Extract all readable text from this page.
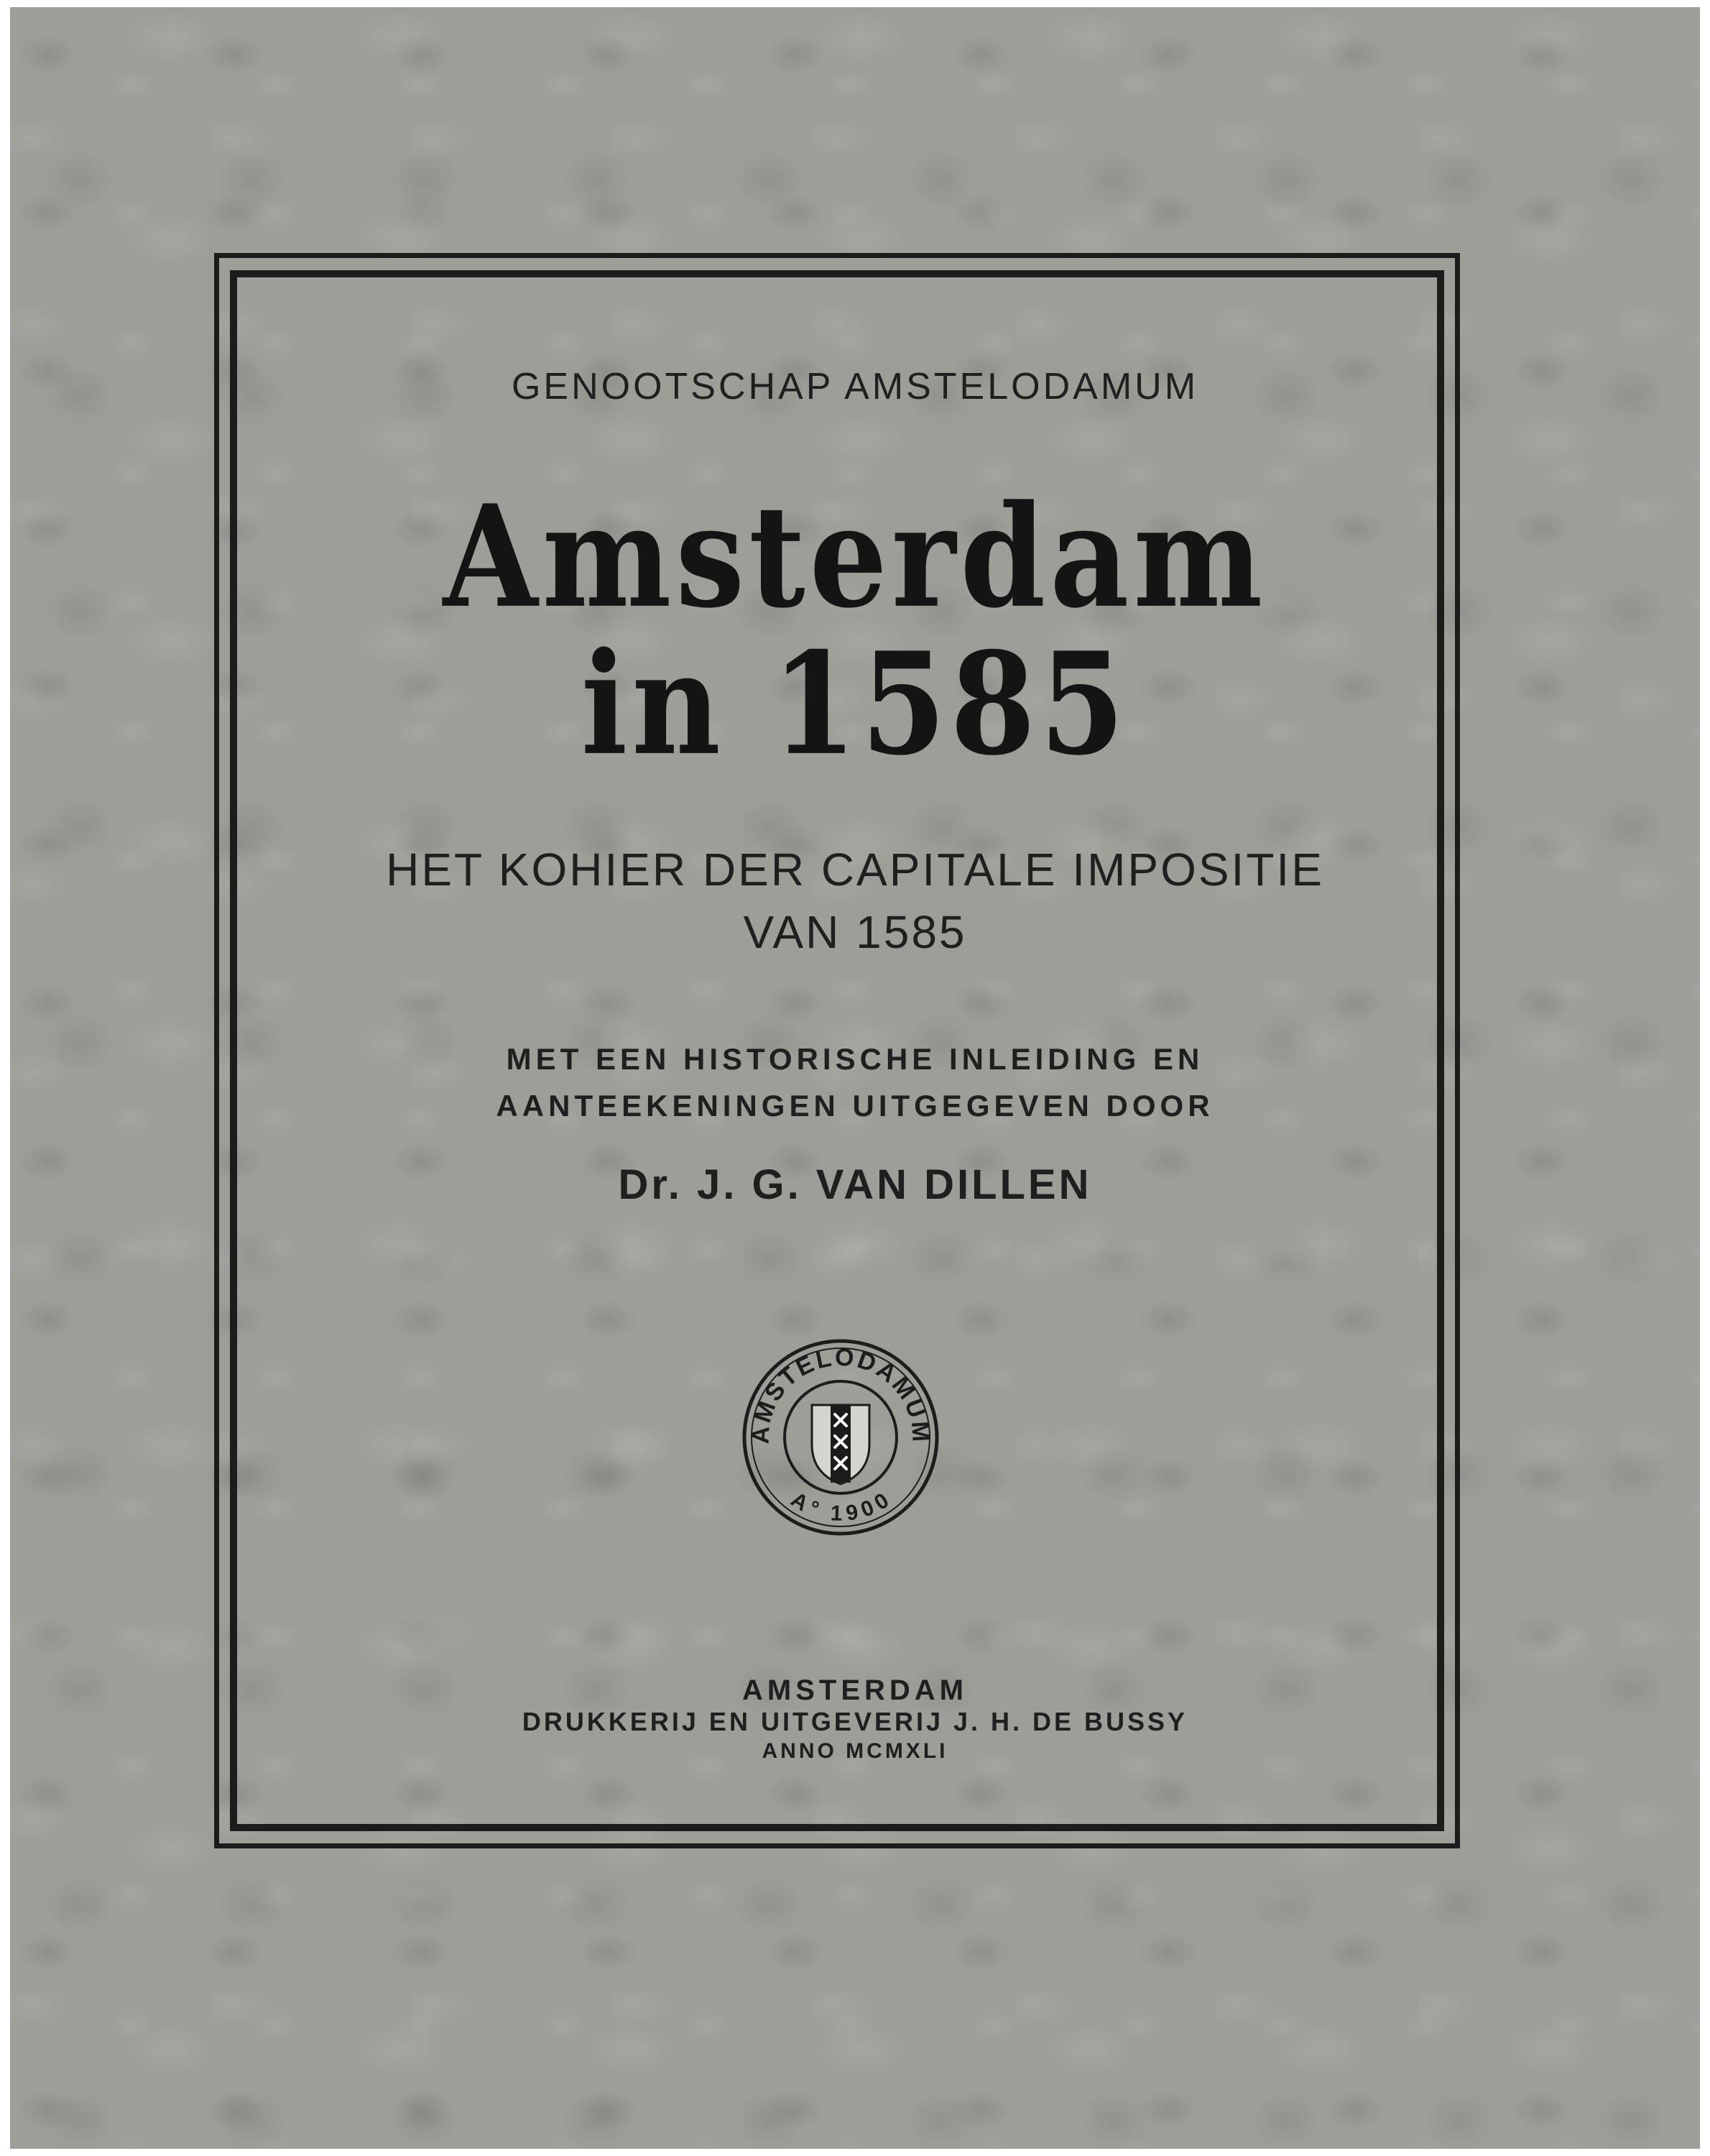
GENOOTSCHAP AMSTELODAMUM
Amsterdam
in 1585
HET KOHIER DER CAPITALE IMPOSITIE
VAN 1585
MET EEN HISTORISCHE INLEIDING EN
AANTEEKENINGEN UITGEGEVEN DOOR
Dr. J. G. VAN DILLEN
AMSTELODAMUM
A° 1900
AMSTERDAM
DRUKKERIJ EN UITGEVERIJ J. H. DE BUSSY
ANNO MCMXLI
